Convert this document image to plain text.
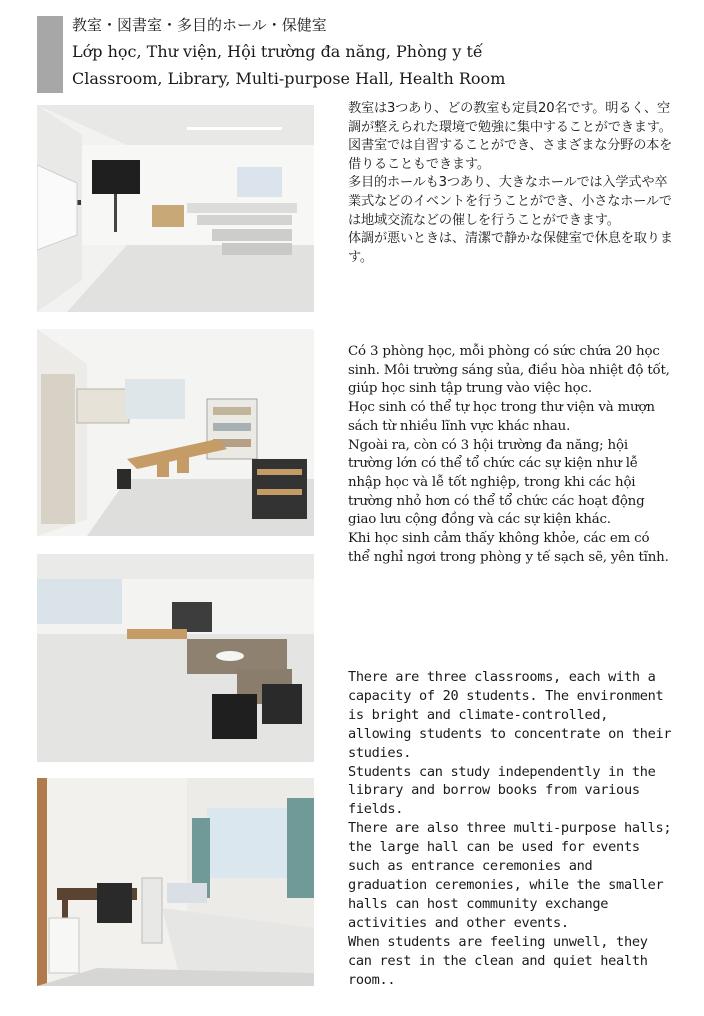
教室・図書室・多目的ホール・保健室
Lớp học, Thư viện, Hội trường đa năng, Phòng y tế
Classroom, Library, Multi-purpose Hall, Health Room
教室は3つあり、どの教室も定員20名です。明るく、空調が整えられた環境で勉強に集中することができます。
図書室では自習することができ、さまざまな分野の本を借りることもできます。
多目的ホールも3つあり、大きなホールでは入学式や卒業式などのイベントを行うことができ、小さなホールでは地域交流などの催しを行うことができます。
体調が悪いときは、清潔で静かな保健室で休息を取ります。
Có 3 phòng học, mỗi phòng có sức chứa 20 học sinh. Môi trường sáng sủa, điều hòa nhiệt độ tốt, giúp học sinh tập trung vào việc học.
Học sinh có thể tự học trong thư viện và mượn sách từ nhiều lĩnh vực khác nhau.
Ngoài ra, còn có 3 hội trường đa năng; hội trường lớn có thể tổ chức các sự kiện như lễ nhập học và lễ tốt nghiệp, trong khi các hội trường nhỏ hơn có thể tổ chức các hoạt động giao lưu cộng đồng và các sự kiện khác.
Khi học sinh cảm thấy không khỏe, các em có thể nghỉ ngơi trong phòng y tế sạch sẽ, yên tĩnh.
There are three classrooms, each with a capacity of 20 students. The environment is bright and climate-controlled, allowing students to concentrate on their studies.
Students can study independently in the library and borrow books from various fields.
There are also three multi-purpose halls; the large hall can be used for events such as entrance ceremonies and graduation ceremonies, while the smaller halls can host community exchange activities and other events.
When students are feeling unwell, they can rest in the clean and quiet health room..
